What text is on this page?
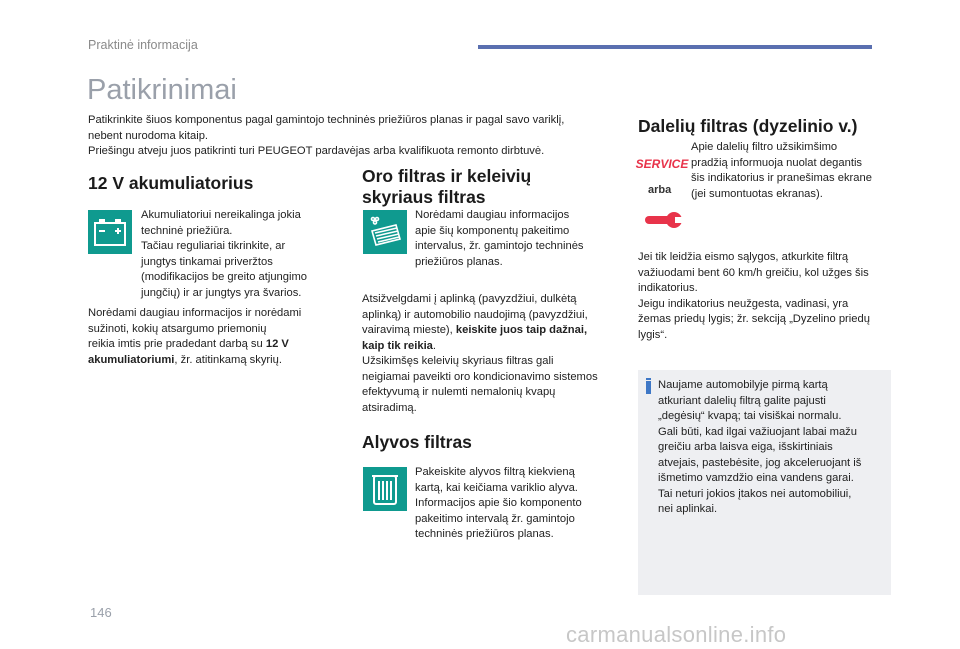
Praktinė informacija
Patikrinimai
Patikrinkite šiuos komponentus pagal gamintojo techninės priežiūros planas ir pagal savo variklį,
nebent nurodoma kitaip.
Priešingu atveju juos patikrinti turi PEUGEOT pardavėjas arba kvalifikuota remonto dirbtuvė.
12 V akumuliatorius
Akumuliatoriui nereikalinga jokia
techninė priežiūra.
Tačiau reguliariai tikrinkite, ar
jungtys tinkamai priveržtos
(modifikacijos be greito atjungimo
jungčių) ir ar jungtys yra švarios.
Norėdami daugiau informacijos ir norėdami
sužinoti, kokių atsargumo priemonių
reikia imtis prie pradedant darbą su 12 V
akumuliatoriumi, žr. atitinkamą skyrių.
Oro filtras ir keleivių
skyriaus filtras
Norėdami daugiau informacijos
apie šių komponentų pakeitimo
intervalus, žr. gamintojo techninės
priežiūros planas.
Atsižvelgdami į aplinką (pavyzdžiui, dulkėtą
aplinką) ir automobilio naudojimą (pavyzdžiui,
vairavimą mieste), keiskite juos taip dažnai,
kaip tik reikia.
Užsikimšęs keleivių skyriaus filtras gali
neigiamai paveikti oro kondicionavimo sistemos
efektyvumą ir nulemti nemalonių kvapų
atsiradimą.
Alyvos filtras
Pakeiskite alyvos filtrą kiekvieną
kartą, kai keičiama variklio alyva.
Informacijos apie šio komponento
pakeitimo intervalą žr. gamintojo
techninės priežiūros planas.
Dalelių filtras (dyzelinio v.)
SERVICE
arba
Apie dalelių filtro užsikimšimo
pradžią informuoja nuolat degantis
šis indikatorius ir pranešimas ekrane
(jei sumontuotas ekranas).
Jei tik leidžia eismo sąlygos, atkurkite filtrą
važiuodami bent 60 km/h greičiu, kol užges šis
indikatorius.
Jeigu indikatorius neužgesta, vadinasi, yra
žemas priedų lygis; žr. sekciją „Dyzelino priedų
lygis“.
Naujame automobilyje pirmą kartą
atkuriant dalelių filtrą galite pajusti
„degėsių“ kvapą; tai visiškai normalu.
Gali būti, kad ilgai važiuojant labai mažu
greičiu arba laisva eiga, išskirtiniais
atvejais, pastebėsite, jog akceleruojant iš
išmetimo vamzdžio eina vandens garai.
Tai neturi jokios įtakos nei automobiliui,
nei aplinkai.
146
carmanualsonline.info
